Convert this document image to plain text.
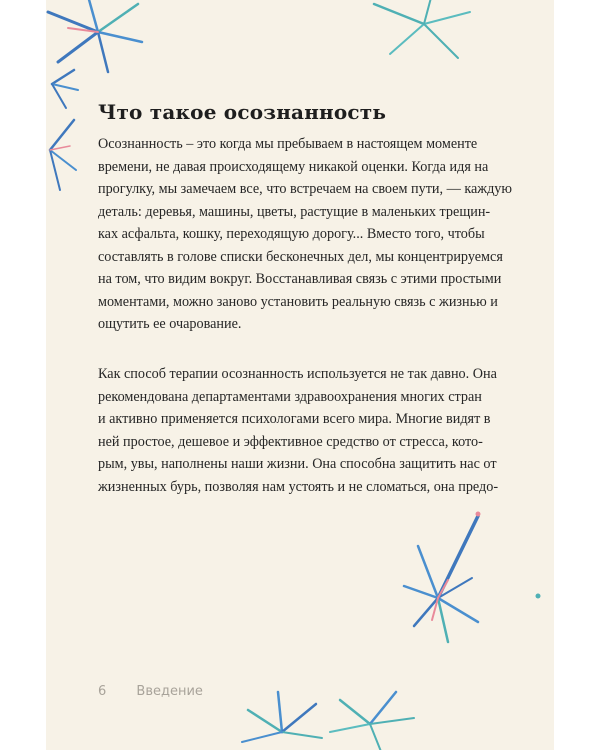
Что такое осознанность

Осознанность – это когда мы пребываем в настоящем моменте
времени, не давая происходящему никакой оценки. Когда идя на
прогулку, мы замечаем все, что встречаем на своем пути, — каждую
деталь: деревья, машины, цветы, растущие в маленьких трещин-
ках асфальта, кошку, переходящую дорогу... Вместо того, чтобы
составлять в голове списки бесконечных дел, мы концентрируемся
на том, что видим вокруг. Восстанавливая связь с этими простыми
моментами, можно заново установить реальную связь с жизнью и
ощутить ее очарование.

Как способ терапии осознанность используется не так давно. Она
рекомендована департаментами здравоохранения многих стран
и активно применяется психологами всего мира. Многие видят в
ней простое, дешевое и эффективное средство от стресса, кото-
рым, увы, наполнены наши жизни. Она способна защитить нас от
жизненных бурь, позволяя нам устоять и не сломаться, она предо-

6 Введение
